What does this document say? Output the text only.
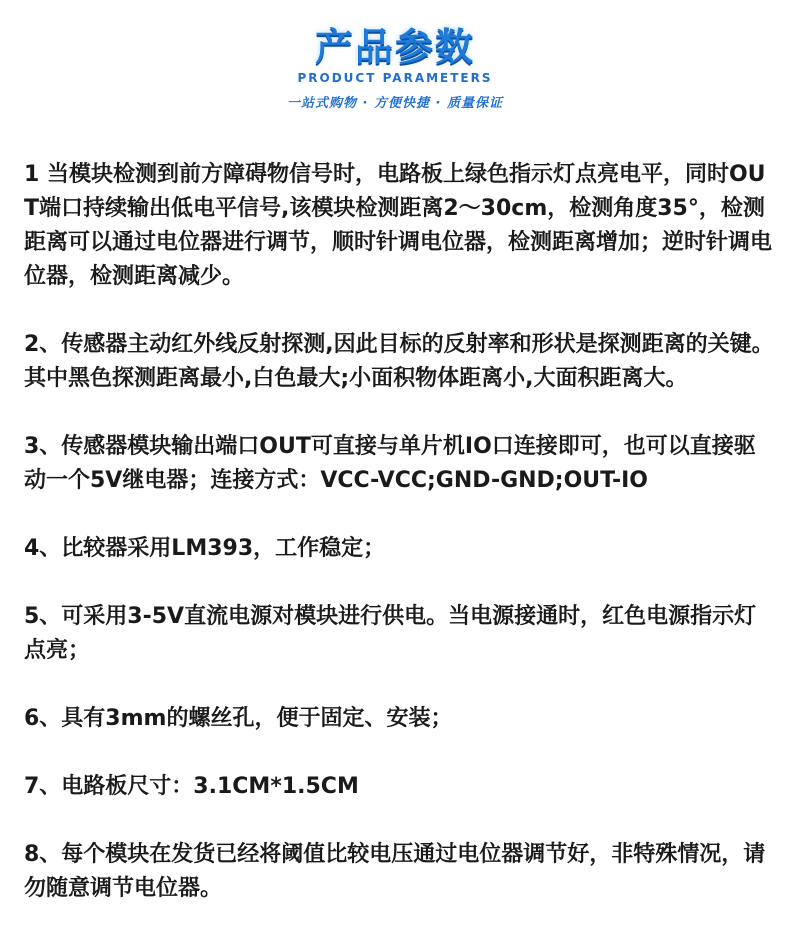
产品参数
PRODUCT PARAMETERS
一站式购物 · 方便快捷 · 质量保证

1 当模块检测到前方障碍物信号时，电路板上绿色指示灯点亮电平，同时OUT端口持续输出低电平信号,该模块检测距离2～30cm，检测角度35°，检测距离可以通过电位器进行调节，顺时针调电位器，检测距离增加；逆时针调电位器，检测距离减少。

2、传感器主动红外线反射探测,因此目标的反射率和形状是探测距离的关键。其中黑色探测距离最小,白色最大;小面积物体距离小,大面积距离大。

3、传感器模块输出端口OUT可直接与单片机IO口连接即可，也可以直接驱动一个5V继电器；连接方式：VCC-VCC;GND-GND;OUT-IO

4、比较器采用LM393，工作稳定；

5、可采用3-5V直流电源对模块进行供电。当电源接通时，红色电源指示灯点亮；

6、具有3mm的螺丝孔，便于固定、安装；

7、电路板尺寸：3.1CM*1.5CM

8、每个模块在发货已经将阈值比较电压通过电位器调节好，非特殊情况，请勿随意调节电位器。
